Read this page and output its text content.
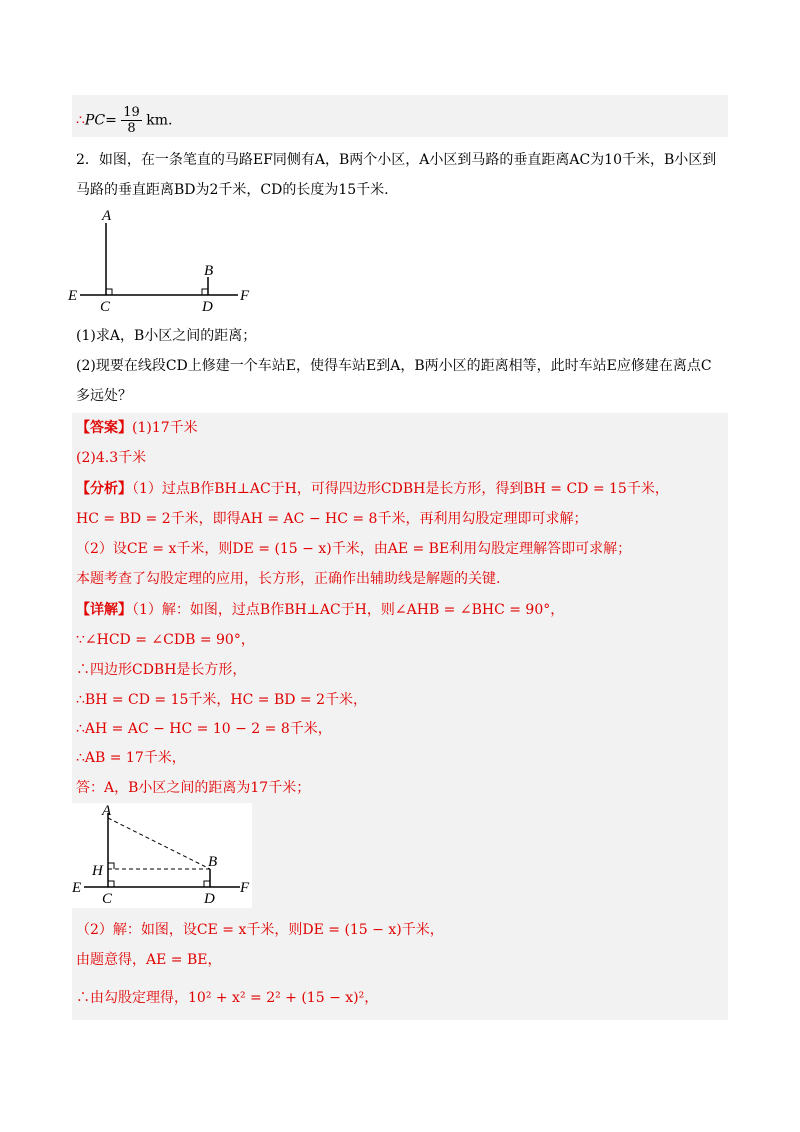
∴PC= $\frac{19}{8}$ km.
2．如图，在一条笔直的马路EF同侧有A，B两个小区，A小区到马路的垂直距离AC为10千米，B小区到
马路的垂直距离BD为2千米，CD的长度为15千米.
A
B
C	D
E	F
(1)求A，B小区之间的距离；
(2)现要在线段CD上修建一个车站E，使得车站E到A，B两小区的距离相等，此时车站E应修建在离点C
多远处？
【答案】(1)17千米
(2)4.3千米
【分析】（1）过点B作BH⊥AC于H，可得四边形CDBH是长方形，得到BH = CD = 15千米，
HC = BD = 2千米，即得AH = AC − HC = 8千米，再利用勾股定理即可求解；
（2）设CE = x千米，则DE = (15 − x)千米，由AE = BE利用勾股定理解答即可求解；
本题考查了勾股定理的应用，长方形，正确作出辅助线是解题的关键.
【详解】（1）解：如图，过点B作BH⊥AC于H，则∠AHB = ∠BHC = 90°，
∵∠HCD = ∠CDB = 90°，
∴四边形CDBH是长方形，
∴BH = CD = 15千米，HC = BD = 2千米，
∴AH = AC − HC = 10 − 2 = 8千米，
∴AB = 17千米，
答：A，B小区之间的距离为17千米；
A
B
H
C	D
E	F
（2）解：如图，设CE = x千米，则DE = (15 − x)千米，
由题意得，AE = BE，
∴由勾股定理得，10² + x² = 2² + (15 − x)²，
